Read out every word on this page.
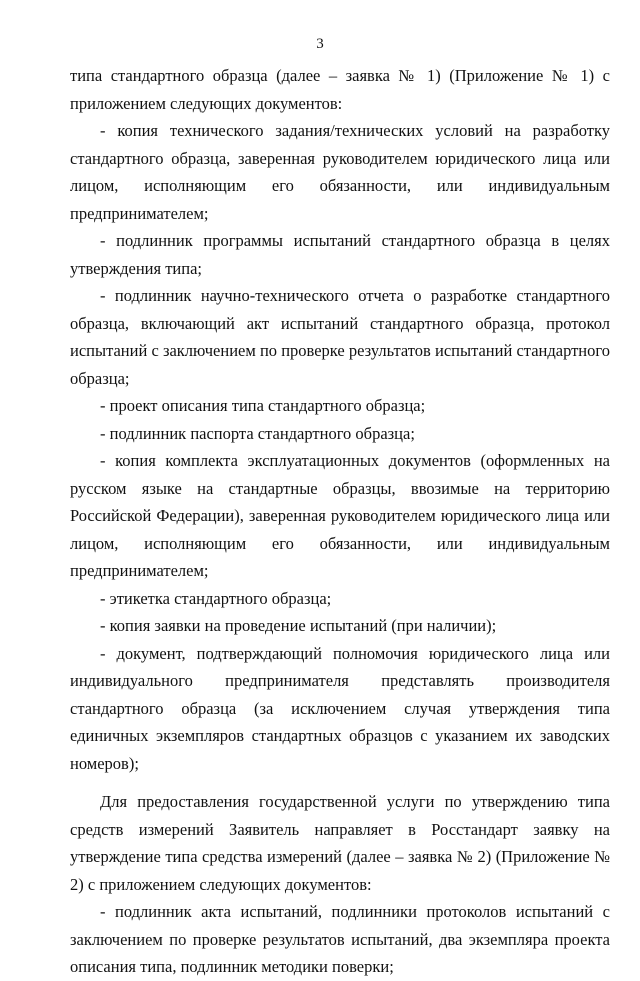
3

типа стандартного образца (далее – заявка № 1) (Приложение № 1) с приложением следующих документов:

- копия технического задания/технических условий на разработку стандартного образца, заверенная руководителем юридического лица или лицом, исполняющим его обязанности, или индивидуальным предпринимателем;

- подлинник программы испытаний стандартного образца в целях утверждения типа;

- подлинник научно-технического отчета о разработке стандартного образца, включающий акт испытаний стандартного образца, протокол испытаний с заключением по проверке результатов испытаний стандартного образца;

- проект описания типа стандартного образца;

- подлинник паспорта стандартного образца;

- копия комплекта эксплуатационных документов (оформленных на русском языке на стандартные образцы, ввозимые на территорию Российской Федерации), заверенная руководителем юридического лица или лицом, исполняющим его обязанности, или индивидуальным предпринимателем;

- этикетка стандартного образца;

- копия заявки на проведение испытаний (при наличии);

- документ, подтверждающий полномочия юридического лица или индивидуального предпринимателя представлять производителя стандартного образца (за исключением случая утверждения типа единичных экземпляров стандартных образцов с указанием их заводских номеров);

Для предоставления государственной услуги по утверждению типа средств измерений Заявитель направляет в Росстандарт заявку на утверждение типа средства измерений (далее – заявка № 2) (Приложение № 2) с приложением следующих документов:

- подлинник акта испытаний, подлинники протоколов испытаний с заключением по проверке результатов испытаний, два экземпляра проекта описания типа, подлинник методики поверки;
